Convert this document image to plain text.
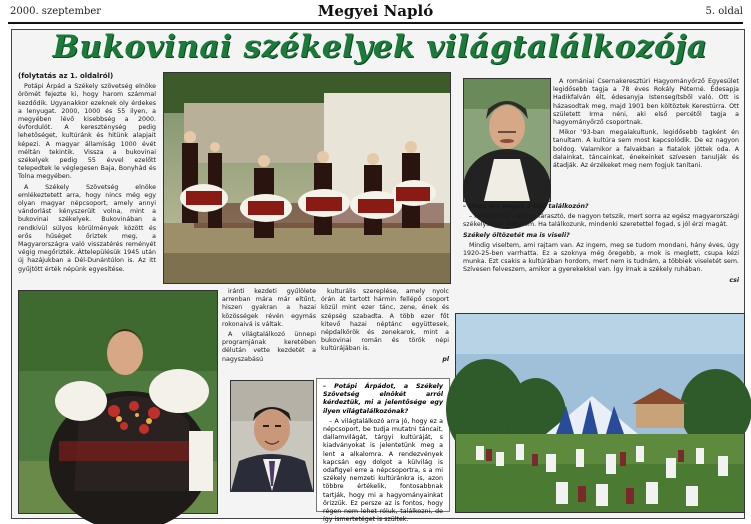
2000. szeptember	Megyei Napló	5. oldal
Bukovinai székelyek világtalálkozója

(folytatás az 1. oldalról)

Potápi Árpád a Székely szövetség elnöke örömét fejezte ki, hogy harom számmal kezdődik. Ugyanakkor ezeknek oly érdekes a lenyugat. 2000, 1000 és 55 ilyen, a megyében lévő kisebbség a 2000. évfordulót. A kereszténység pedig lehetőséget, kultúránk és hitünk alapjait képezi. A magyar államiság 1000 évét méltán tekintik. Vissza a bukovinai székelyek pedig 55 évvel ezelőtt telepedtek le véglegesen Baja, Bonyhád és Tolna megyében.

A Székely Szövetség elnöke emlékeztetett arra, hogy nincs még egy olyan magyar népcsoport, amely annyi vándorlást kényszerült volna, mint a bukovinai székelyek. Bukovinában a rendkívül súlyos körülmények között és erős hűséget őriztek meg, a Magyarországra való visszatérés reményét végig megőrizték. Áttelepülésük 1945 után új hazájukban a Dél-Dunántúlon is. Az itt gyűjtött érték népünk egyesítése.

A romániai Csernakeresztúri Hagyományőrző Egyesület legidősebb tagja a 78 éves Rokály Péterné. Édesapja Hadikfalván élt, édesanyja Istensegítsből való. Ott is házasodtak meg, majd 1901 ben költöztek Kerestúrra. Ott született Irma néni, aki első percétől tagja a hagyományőrző csoportnak.

Mikor '93-ban megalakultunk, legidősebb tagként én tanultam. A kultúra sem most kapcsolódik. De ez nagyon boldog. Valamikor a falvakban a fiatalok jöttek oda. A dalainkat, táncainkat, énekeinket szívesen tanulják és átadják. Az érzékeket meg nem fogjuk tanítani.

– Hogy érz magát a mai találkozón?

– Nekem már nagyon fárasztó, de nagyon tetszik, mert sorra az egész magyarországi székelységet láthatom. Ha találkozunk, mindenki szeretettel fogad, s jól érzi magát.

Székely öltözetét ma is viseli?

Mindig viseltem, ami rajtam van. Az ingem, meg se tudom mondani, hány éves, úgy 1920-25-ben varrhatta. Ez a szoknya még öregebb, a mok is meglett, csupa kézi munka. Ezt csakis a kultúrában hordom, mert nem is tudnám, a többiek viseletét sem. Szívesen felveszem, amikor a gyerekekkel van. Így írnak a székely ruhában.

csi

iránti kezdeti gyűlölete arrenban mára már eltűnt, hiszen gyakran a hazai közösségek révén egymás rokonaivá is váltak.

A világtalálkozó ünnepi programjának keretében délután vette kezdetét a nagyszabású

kulturális szereplése, amely nyolc órán át tartott hármin fellépő csoport közül mint ezer tánc, zene, ének és szépség szabadta. A több ezer főt kitevő hazai néptánc együttesek, népdalkörök és zenekarok, mint a bukovinai román és török népi kultúrájában is.

pl

– Potápi Árpádot, a Székely Szövetség elnökét arról kérdeztük, mi a jelentősége egy ilyen világtalálkozónak?

– A világtalálkozó arra jó, hogy ez a népcsoport, be tudja mutatni táncait, dallamvilágát, tárgyi kultúráját, s kiadványokat is jelentetünk meg a lent a alkalomra. A rendezvények kapcsán egy dolgot a külvilág is odafigyel erre a népcsoportra, s a mi székely nemzeti kultúránkra is, azon többre értékelik, fontosabbnak tartják, hogy mi a hagyományainkat őrizzük. Ez persze az is fontos, hogy régen nem lehet róluk, találkozni, de így ismertetéget is szültek.
